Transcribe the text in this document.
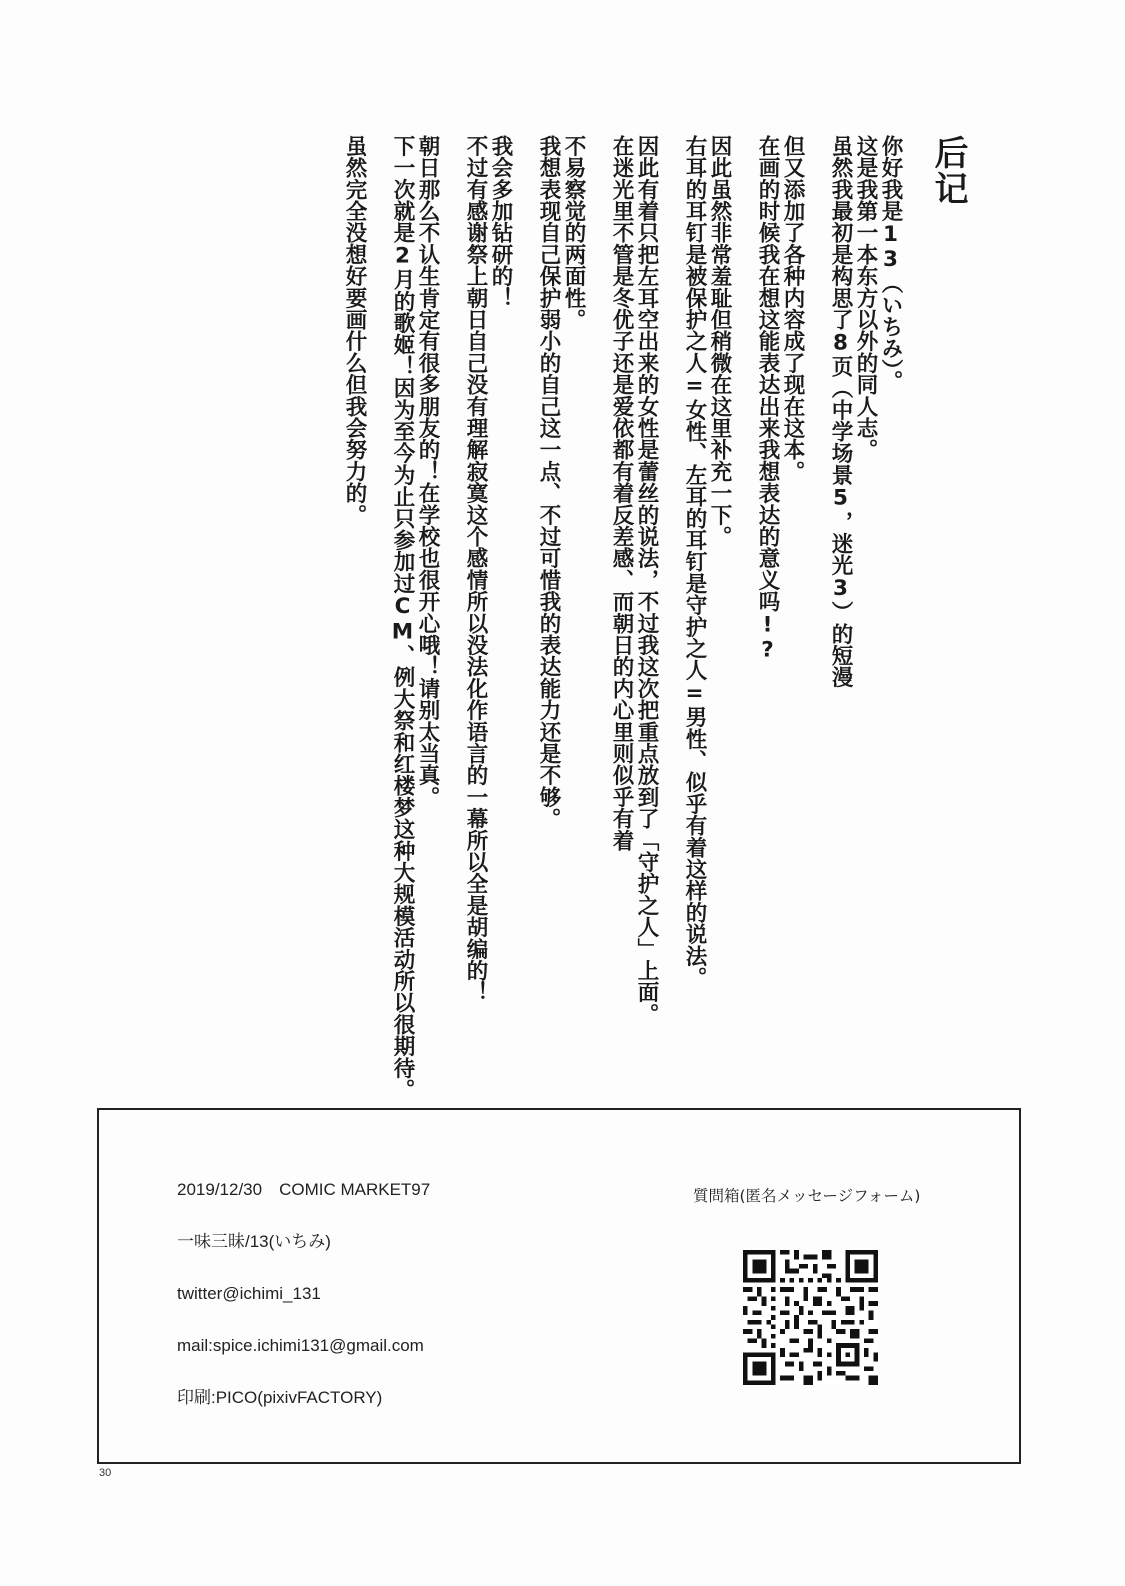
后记
你好我是13（いちみ）。
这是我第一本东方以外的同人志。
虽然我最初是构思了8页（中学场景5，迷光3）的短漫
但又添加了各种内容成了现在这本。
在画的时候我在想这能表达出来我想表达的意义吗!?
因此虽然非常羞耻但稍微在这里补充一下。
右耳的耳钉是被保护之人=女性、左耳的耳钉是守护之人=男性、似乎有着这样的说法。
因此有着只把左耳空出来的女性是蕾丝的说法，不过我这次把重点放到了「守护之人」上面。
在迷光里不管是冬优子还是爱依都有着反差感、而朝日的内心里则似乎有着
不易察觉的两面性。
我想表现自己保护弱小的自己这一点、不过可惜我的表达能力还是不够。
我会多加钻研的！
不过有感谢祭上朝日自己没有理解寂寞这个感情所以没法化作语言的一幕所以全是胡编的！
朝日那么不认生肯定有很多朋友的！在学校也很开心哦！请别太当真。
下一次就是2月的歌姬！因为至今为止只参加过CM、例大祭和红楼梦这种大规模活动所以很期待。
虽然完全没想好要画什么但我会努力的。
2019/12/30　COMIC MARKET97
一味三昧/13(いちみ)
twitter@ichimi_131
mail:spice.ichimi131@gmail.com
印刷:PICO(pixivFACTORY)
質問箱(匿名メッセージフォーム)
30
